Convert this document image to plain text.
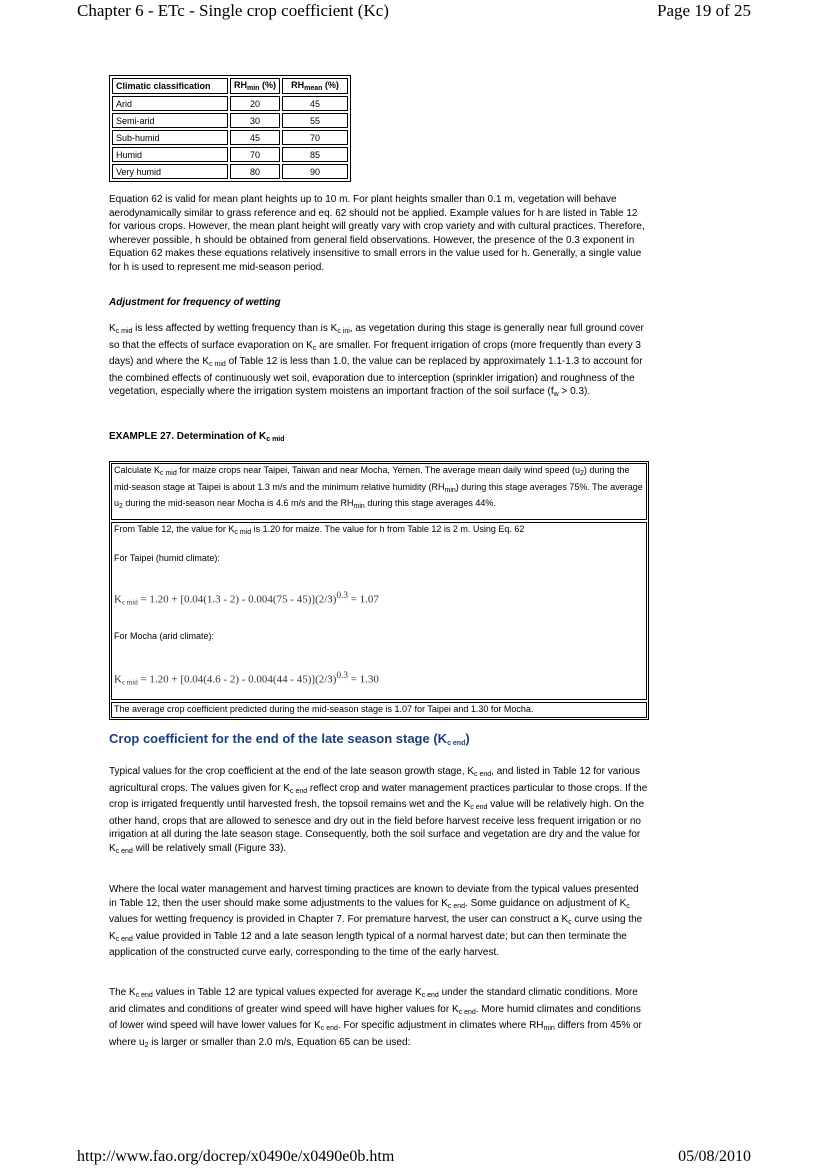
Chapter 6 - ETc - Single crop coefficient (Kc)	Page 19 of 25
Climatic classification	$RH_{min}$ (%)	$RH_{mean}$ (%)
Arid	20	45
Semi-arid	30	55
Sub-humid	45	70
Humid	70	85
Very humid	80	90
Equation 62 is valid for mean plant heights up to 10 m. For plant heights smaller than 0.1 m, vegetation will behave aerodynamically similar to grass reference and eq. 62 should not be applied. Example values for h are listed in Table 12 for various crops. However, the mean plant height will greatly vary with crop variety and with cultural practices. Therefore, wherever possible, h should be obtained from general field observations. However, the presence of the 0.3 exponent in Equation 62 makes these equations relatively insensitive to small errors in the value used for h. Generally, a single value for h is used to represent me mid-season period.
Adjustment for frequency of wetting
$K_{c mid}$ is less affected by wetting frequency than is $K_{c ini}$, as vegetation during this stage is generally near full ground cover so that the effects of surface evaporation on $K_c$ are smaller. For frequent irrigation of crops (more frequently than every 3 days) and where the $K_{c mid}$ of Table 12 is less than 1.0, the value can be replaced by approximately 1.1-1.3 to account for the combined effects of continuously wet soil, evaporation due to interception (sprinkler irrigation) and roughness of the vegetation, especially where the irrigation system moistens an important fraction of the soil surface $(f_w > 0.3)$.
EXAMPLE 27. Determination of $K_{c mid}$
Calculate $K_{c mid}$ for maize crops near Taipei, Taiwan and near Mocha, Yemen. The average mean daily wind speed $(u_2)$ during the mid-season stage at Taipei is about 1.3 m/s and the minimum relative humidity $(RH_{min})$ during this stage averages 75%. The average $u_2$ during the mid-season near Mocha is 4.6 m/s and the $RH_{min}$ during this stage averages 44%.
From Table 12, the value for $K_{c mid}$ is 1.20 for maize. The value for h from Table 12 is 2 m. Using Eq. 62
For Taipei (humid climate):
$K_{c mid} = 1.20 + [0.04(1.3 - 2) - 0.004(75 - 45)](2/3)^{0.3} = 1.07$
For Mocha (arid climate):
$K_{c mid} = 1.20 + [0.04(4.6 - 2) - 0.004(44 - 45)](2/3)^{0.3} = 1.30$
The average crop coefficient predicted during the mid-season stage is 1.07 for Taipei and 1.30 for Mocha.
Crop coefficient for the end of the late season stage $(K_{c end})$
Typical values for the crop coefficient at the end of the late season growth stage, $K_{c end}$, and listed in Table 12 for various agricultural crops. The values given for $K_{c end}$ reflect crop and water management practices particular to those crops. If the crop is irrigated frequently until harvested fresh, the topsoil remains wet and the $K_{c end}$ value will be relatively high. On the other hand, crops that are allowed to senesce and dry out in the field before harvest receive less frequent irrigation or no irrigation at all during the late season stage. Consequently, both the soil surface and vegetation are dry and the value for $K_{c end}$ will be relatively small (Figure 33).
Where the local water management and harvest timing practices are known to deviate from the typical values presented in Table 12, then the user should make some adjustments to the values for $K_{c end}$. Some guidance on adjustment of $K_c$ values for wetting frequency is provided in Chapter 7. For premature harvest, the user can construct a $K_c$ curve using the $K_{c end}$ value provided in Table 12 and a late season length typical of a normal harvest date; but can then terminate the application of the constructed curve early, corresponding to the time of the early harvest.
The $K_{c end}$ values in Table 12 are typical values expected for average $K_{c end}$ under the standard climatic conditions. More arid climates and conditions of greater wind speed will have higher values for $K_{c end}$. More humid climates and conditions of lower wind speed will have lower values for $K_{c end}$. For specific adjustment in climates where $RH_{min}$ differs from 45% or where $u_2$ is larger or smaller than 2.0 m/s, Equation 65 can be used:
http://www.fao.org/docrep/x0490e/x0490e0b.htm	05/08/2010
